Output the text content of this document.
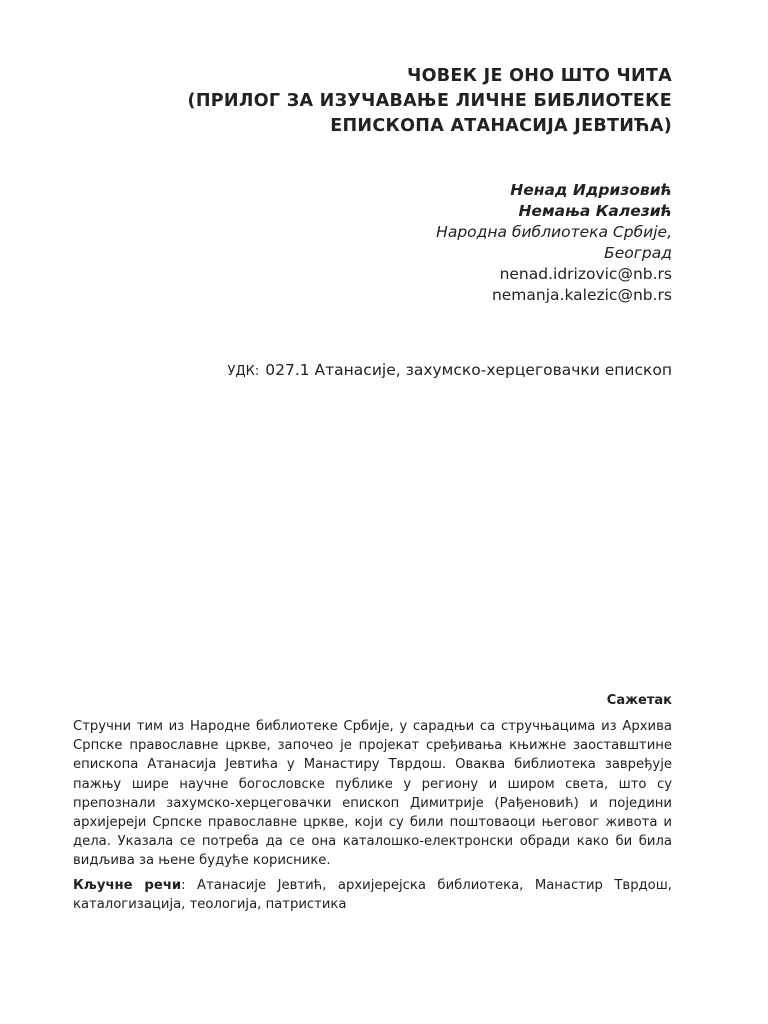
ЧОВЕК ЈЕ ОНО ШТО ЧИТА
(ПРИЛОГ ЗА ИЗУЧАВАЊЕ ЛИЧНЕ БИБЛИОТЕКЕ
ЕПИСКОПА АТАНАСИЈА ЈЕВТИЋА)
Ненад Идризовић
Немања Калезић
Народна библиотека Србије,
Београд
nenad.idrizovic@nb.rs
nemanja.kalezic@nb.rs
УДК: 027.1 Атанасије, захумско-херцеговачки епископ
Сажетак

Стручни тим из Народне библиотеке Србије, у сарадњи са стручњацима из Архива Српске православне цркве, започео је пројекат сређивања књижне заоставштине епископа Атанасија Јевтића у Манастиру Тврдош. Оваква библиотека заврeђује пажњу шире научне богословске публике у региону и широм света, што су препознали захумско-херцеговачки епископ Димитрије (Рађеновић) и поједини архијереји Српске православне цркве, који су били поштоваоци његовог живота и дела. Указала се потреба да се она каталошко-електронски обради како би била видљива за њене будуће кориснике.

Кључне речи: Атанасије Јевтић, архијерејска библиотека, Манастир Тврдош, каталогизација, теологија, патристика
